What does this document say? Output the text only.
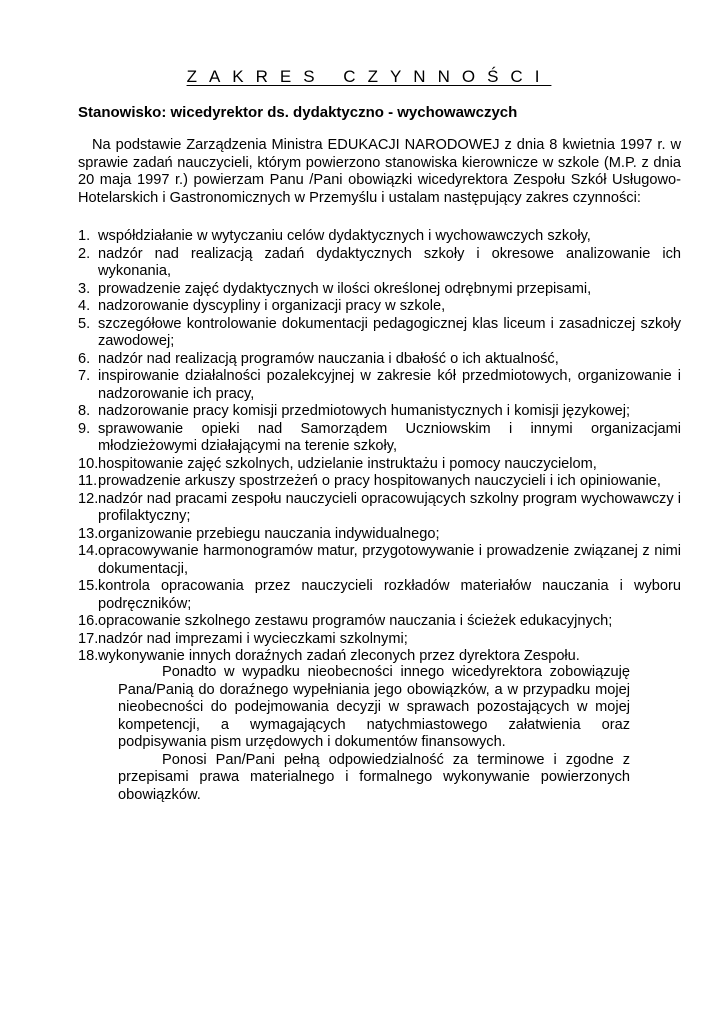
ZAKRES CZYNNOŚCI
Stanowisko: wicedyrektor ds. dydaktyczno - wychowawczych
Na podstawie Zarządzenia Ministra EDUKACJI NARODOWEJ z dnia 8 kwietnia 1997 r. w sprawie zadań nauczycieli, którym powierzono stanowiska kierownicze w szkole (M.P. z dnia 20 maja 1997 r.) powierzam Panu /Pani obowiązki wicedyrektora Zespołu Szkół Usługowo-Hotelarskich i Gastronomicznych w Przemyślu i ustalam następujący zakres czynności:
1. współdziałanie w wytyczaniu celów dydaktycznych i wychowawczych szkoły,
2. nadzór nad realizacją zadań dydaktycznych szkoły i okresowe analizowanie ich wykonania,
3. prowadzenie zajęć dydaktycznych w ilości określonej odrębnymi przepisami,
4. nadzorowanie dyscypliny i organizacji pracy w szkole,
5. szczegółowe kontrolowanie dokumentacji pedagogicznej klas liceum i zasadniczej szkoły zawodowej;
6. nadzór nad realizacją programów nauczania i dbałość o ich aktualność,
7. inspirowanie działalności pozalekcyjnej w zakresie kół przedmiotowych, organizowanie i nadzorowanie ich pracy,
8. nadzorowanie pracy komisji przedmiotowych humanistycznych i komisji językowej;
9. sprawowanie opieki nad Samorządem Uczniowskim i innymi organizacjami młodzieżowymi działającymi na terenie szkoły,
10. hospitowanie zajęć szkolnych, udzielanie instruktażu i pomocy nauczycielom,
11. prowadzenie arkuszy spostrzeżeń o pracy hospitowanych nauczycieli i ich opiniowanie,
12. nadzór nad pracami zespołu nauczycieli opracowujących szkolny program wychowawczy i profilaktyczny;
13. organizowanie przebiegu nauczania indywidualnego;
14. opracowywanie harmonogramów matur, przygotowywanie i prowadzenie związanej z nimi dokumentacji,
15. kontrola opracowania przez nauczycieli rozkładów materiałów nauczania i wyboru podręczników;
16. opracowanie szkolnego zestawu programów nauczania i ścieżek edukacyjnych;
17. nadzór nad imprezami i wycieczkami szkolnymi;
18. wykonywanie innych doraźnych zadań zleconych przez dyrektora Zespołu.

Ponadto w wypadku nieobecności innego wicedyrektora zobowiązuję Pana/Panią do doraźnego wypełniania jego obowiązków, a w przypadku mojej nieobecności do podejmowania decyzji w sprawach pozostających w mojej kompetencji, a wymagających natychmiastowego załatwienia oraz podpisywania pism urzędowych i dokumentów finansowych.

Ponosi Pan/Pani pełną odpowiedzialność za terminowe i zgodne z przepisami prawa materialnego i formalnego wykonywanie powierzonych obowiązków.
